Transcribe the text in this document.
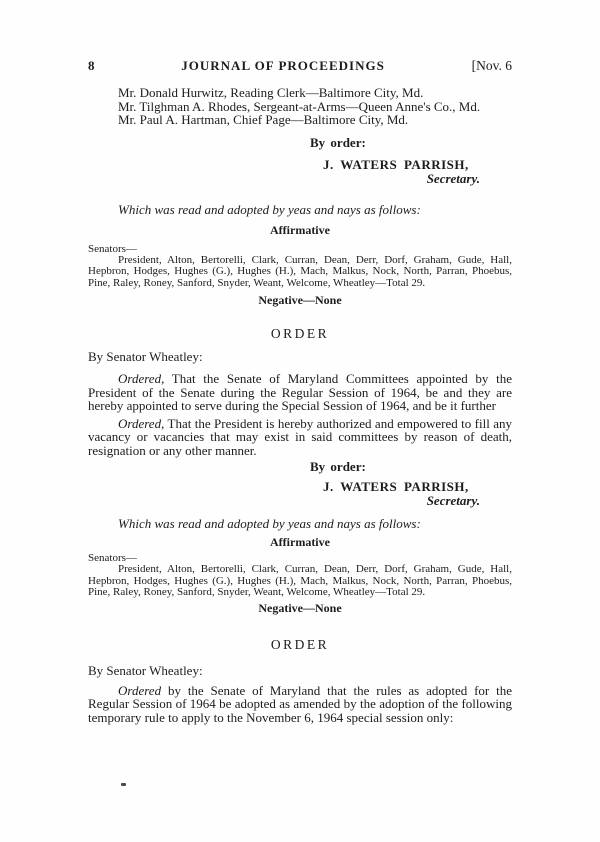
8	JOURNAL OF PROCEEDINGS	[Nov. 6
Mr. Donald Hurwitz, Reading Clerk—Baltimore City, Md.
Mr. Tilghman A. Rhodes, Sergeant-at-Arms—Queen Anne's Co., Md.
Mr. Paul A. Hartman, Chief Page—Baltimore City, Md.
By order:
J. WATERS PARRISH,
Secretary.
Which was read and adopted by yeas and nays as follows:
Affirmative
Senators—
President, Alton, Bertorelli, Clark, Curran, Dean, Derr, Dorf, Graham, Gude, Hall, Hepbron, Hodges, Hughes (G.), Hughes (H.), Mach, Malkus, Nock, North, Parran, Phoebus, Pine, Raley, Roney, Sanford, Snyder, Weant, Welcome, Wheatley—Total 29.
Negative—None
ORDER
By Senator Wheatley:
Ordered, That the Senate of Maryland Committees appointed by the President of the Senate during the Regular Session of 1964, be and they are hereby appointed to serve during the Special Session of 1964, and be it further
Ordered, That the President is hereby authorized and empowered to fill any vacancy or vacancies that may exist in said committees by reason of death, resignation or any other manner.
By order:
J. WATERS PARRISH,
Secretary.
Which was read and adopted by yeas and nays as follows:
Affirmative
Senators—
President, Alton, Bertorelli, Clark, Curran, Dean, Derr, Dorf, Graham, Gude, Hall, Hepbron, Hodges, Hughes (G.), Hughes (H.), Mach, Malkus, Nock, North, Parran, Phoebus, Pine, Raley, Roney, Sanford, Snyder, Weant, Welcome, Wheatley—Total 29.
Negative—None
ORDER
By Senator Wheatley:
Ordered by the Senate of Maryland that the rules as adopted for the Regular Session of 1964 be adopted as amended by the adoption of the following temporary rule to apply to the November 6, 1964 special session only:
